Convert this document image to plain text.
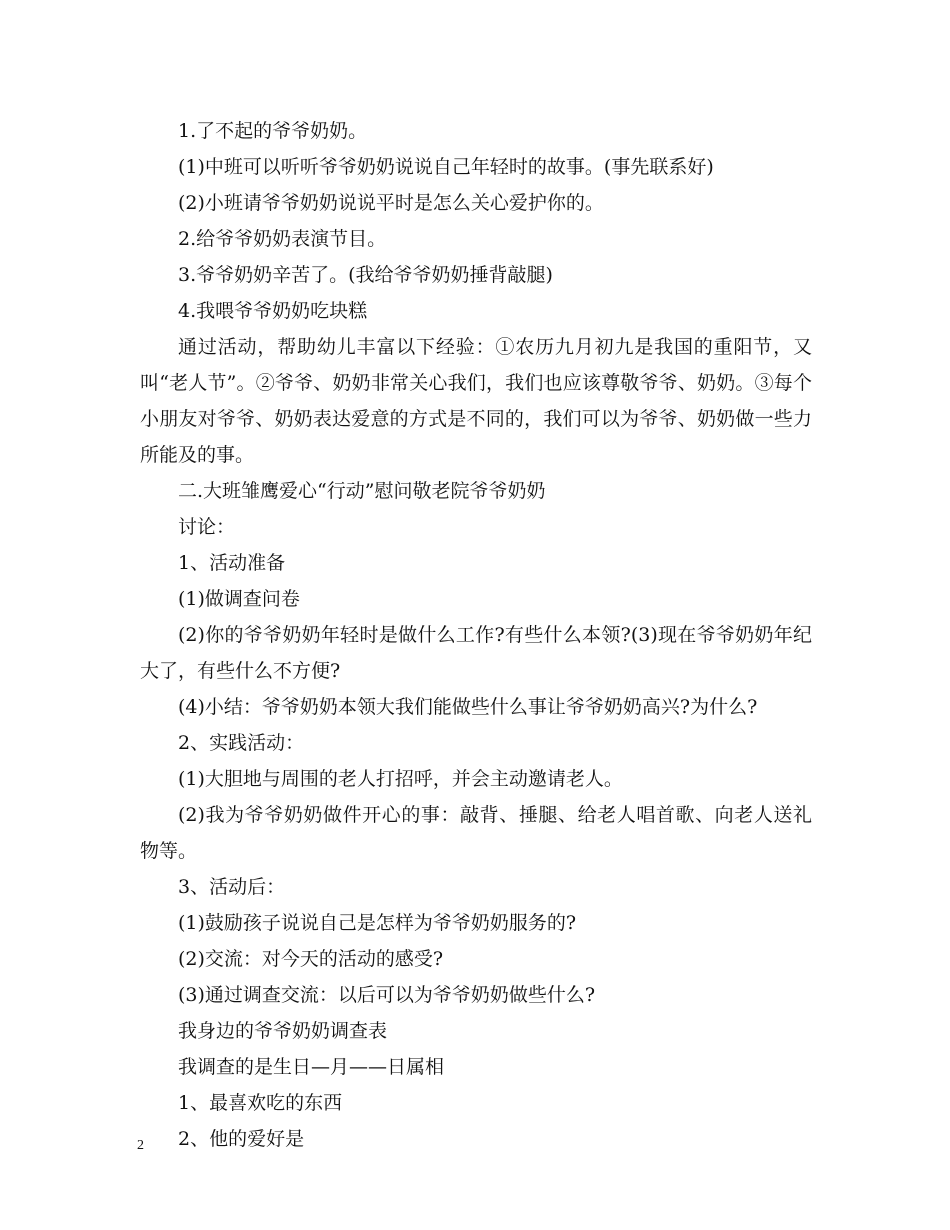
1.了不起的爷爷奶奶。

(1)中班可以听听爷爷奶奶说说自己年轻时的故事。(事先联系好)

(2)小班请爷爷奶奶说说平时是怎么关心爱护你的。

2.给爷爷奶奶表演节目。

3.爷爷奶奶辛苦了。(我给爷爷奶奶捶背敲腿)

4.我喂爷爷奶奶吃块糕

通过活动，帮助幼儿丰富以下经验：①农历九月初九是我国的重阳节，又叫“老人节”。②爷爷、奶奶非常关心我们，我们也应该尊敬爷爷、奶奶。③每个小朋友对爷爷、奶奶表达爱意的方式是不同的，我们可以为爷爷、奶奶做一些力所能及的事。

二.大班雏鹰爱心“行动”慰问敬老院爷爷奶奶

讨论：

1、活动准备

(1)做调查问卷

(2)你的爷爷奶奶年轻时是做什么工作?有些什么本领?(3)现在爷爷奶奶年纪大了，有些什么不方便?

(4)小结：爷爷奶奶本领大我们能做些什么事让爷爷奶奶高兴?为什么?

2、实践活动：

(1)大胆地与周围的老人打招呼，并会主动邀请老人。

(2)我为爷爷奶奶做件开心的事：敲背、捶腿、给老人唱首歌、向老人送礼物等。

3、活动后：

(1)鼓励孩子说说自己是怎样为爷爷奶奶服务的?

(2)交流：对今天的活动的感受?

(3)通过调查交流：以后可以为爷爷奶奶做些什么?

我身边的爷爷奶奶调查表

我调查的是生日—月——日属相

1、最喜欢吃的东西

2、他的爱好是

2
